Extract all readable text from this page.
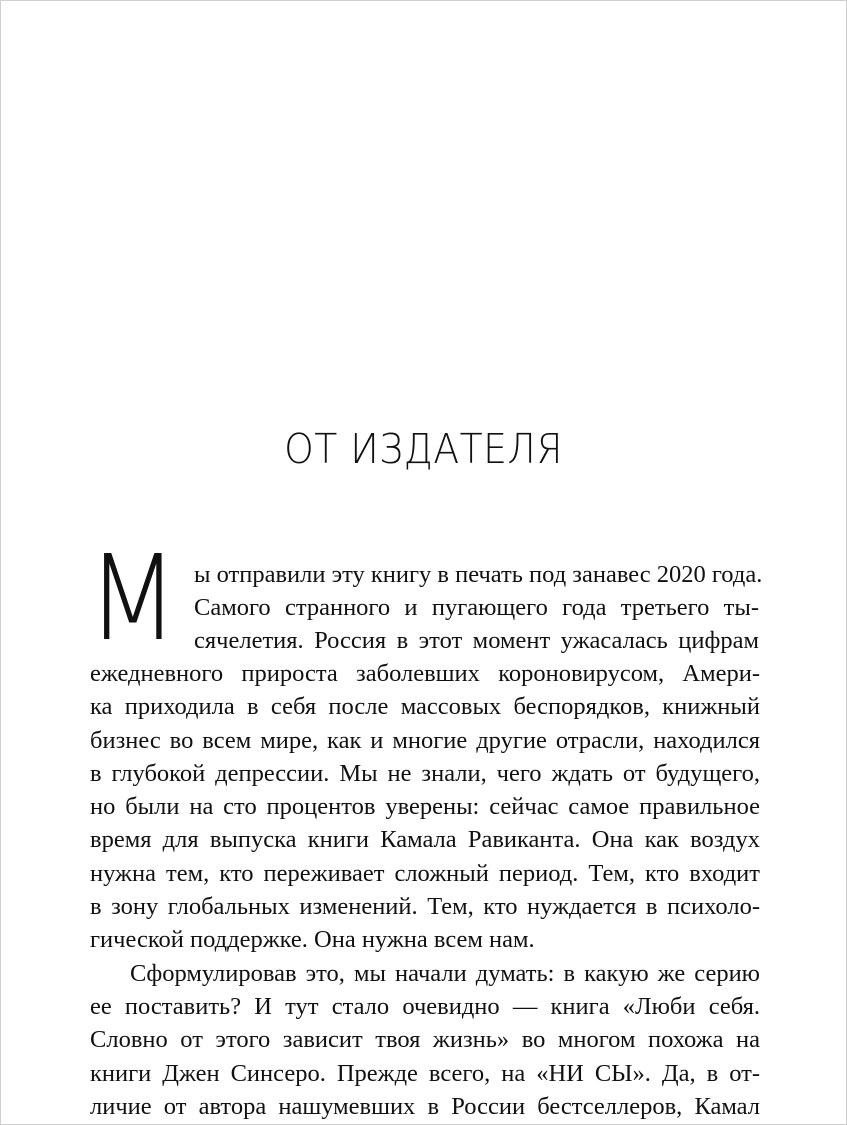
ОТ ИЗДАТЕЛЯ
М ы отправили эту книгу в печать под занавес 2020 года.
Самого странного и пугающего года третьего ты-
сячелетия. Россия в этот момент ужасалась цифрам
ежедневного прироста заболевших короновирусом, Амери-
ка приходила в себя после массовых беспорядков, книжный
бизнес во всем мире, как и многие другие отрасли, находился
в глубокой депрессии. Мы не знали, чего ждать от будущего,
но были на сто процентов уверены: сейчас самое правильное
время для выпуска книги Камала Равиканта. Она как воздух
нужна тем, кто переживает сложный период. Тем, кто входит
в зону глобальных изменений. Тем, кто нуждается в психоло-
гической поддержке. Она нужна всем нам.
Сформулировав это, мы начали думать: в какую же серию
ее поставить? И тут стало очевидно — книга «Люби себя.
Словно от этого зависит твоя жизнь» во многом похожа на
книги Джен Синсеро. Прежде всего, на «НИ СЫ». Да, в от-
личие от автора нашумевших в России бестселлеров, Камал
